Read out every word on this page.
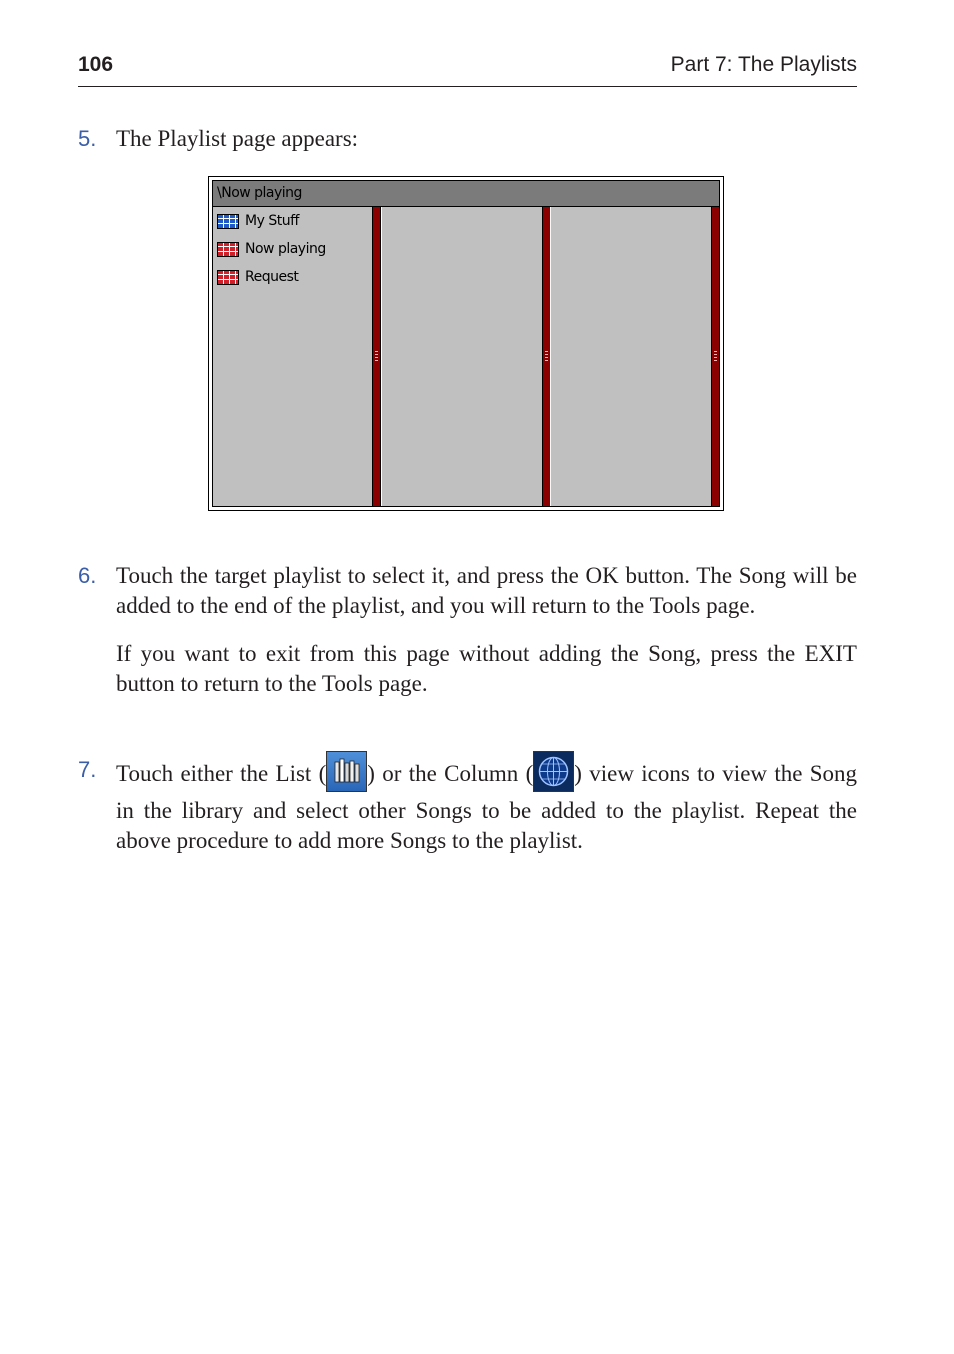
106	Part 7: The Playlists
5. The Playlist page appears:

\Now playing
My Stuff
Now playing
Request
6. Touch the target playlist to select it, and press the OK button. The Song will be added to the end of the playlist, and you will return to the Tools page.

If you want to exit from this page without adding the Song, press the EXIT button to return to the Tools page.

7. Touch either the List ( ) or the Column ( ) view icons to view the Song in the library and select other Songs to be added to the playlist. Repeat the above procedure to add more Songs to the playlist.
